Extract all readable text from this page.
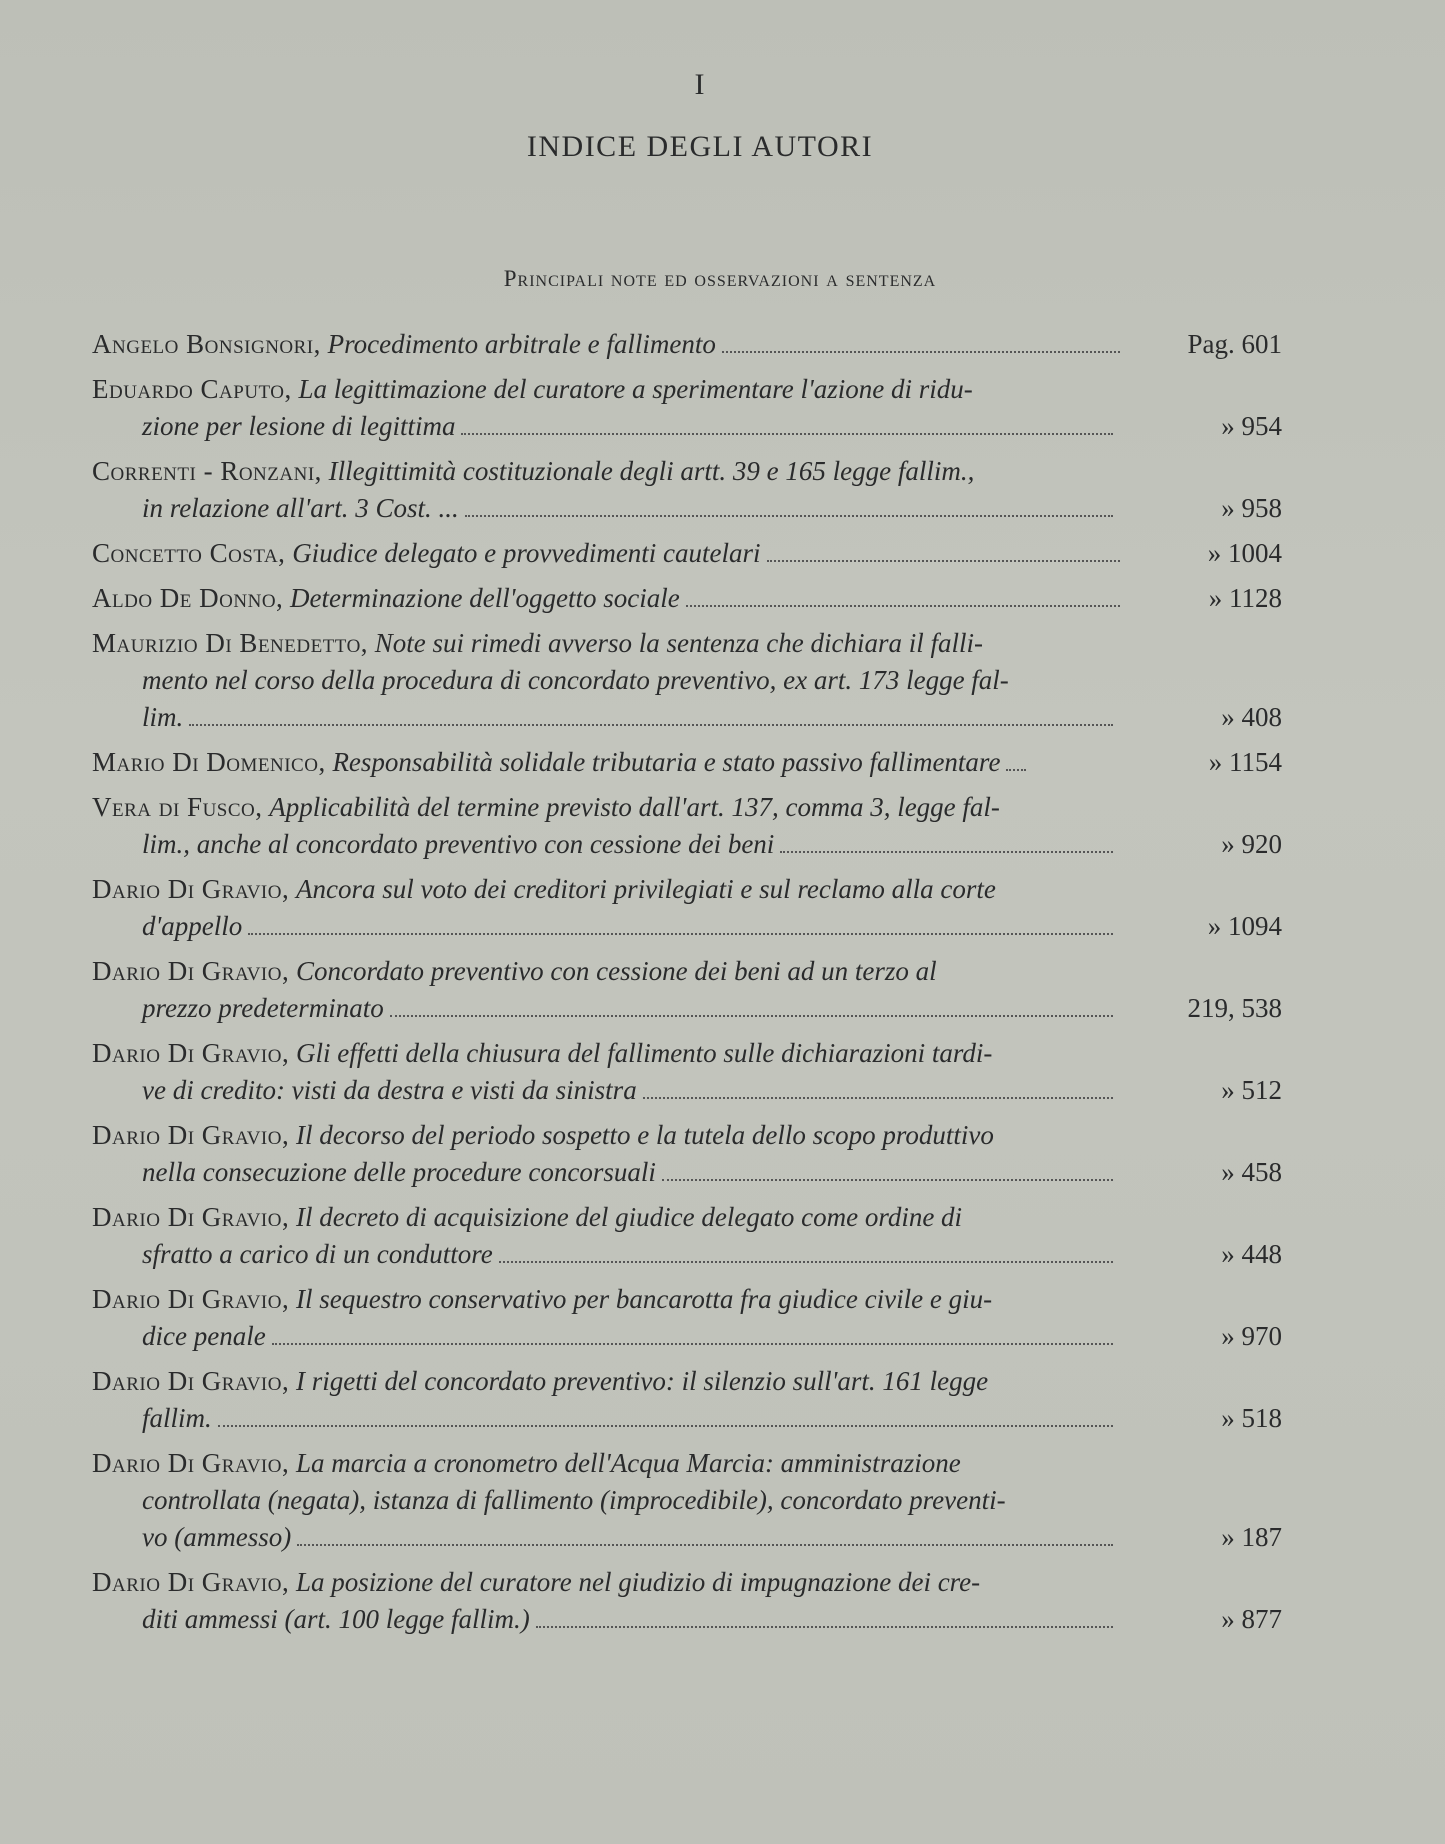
I
INDICE DEGLI AUTORI
Principali note ed osservazioni a sentenza
Angelo Bonsignori, Procedimento arbitrale e fallimento	Pag. 601
Eduardo Caputo, La legittimazione del curatore a sperimentare l'azione di ridu-
zione per lesione di legittima	» 954
Correnti - Ronzani, Illegittimità costituzionale degli artt. 39 e 165 legge fallim.,
in relazione all'art. 3 Cost. ...	» 958
Concetto Costa, Giudice delegato e provvedimenti cautelari	» 1004
Aldo De Donno, Determinazione dell'oggetto sociale	» 1128
Maurizio Di Benedetto, Note sui rimedi avverso la sentenza che dichiara il falli-
mento nel corso della procedura di concordato preventivo, ex art. 173 legge fal-
lim.	» 408
Mario Di Domenico, Responsabilità solidale tributaria e stato passivo fallimentare	» 1154
Vera di Fusco, Applicabilità del termine previsto dall'art. 137, comma 3, legge fal-
lim., anche al concordato preventivo con cessione dei beni	» 920
Dario Di Gravio, Ancora sul voto dei creditori privilegiati e sul reclamo alla corte
d'appello	» 1094
Dario Di Gravio, Concordato preventivo con cessione dei beni ad un terzo al
prezzo predeterminato	219, 538
Dario Di Gravio, Gli effetti della chiusura del fallimento sulle dichiarazioni tardi-
ve di credito: visti da destra e visti da sinistra	» 512
Dario Di Gravio, Il decorso del periodo sospetto e la tutela dello scopo produttivo
nella consecuzione delle procedure concorsuali	» 458
Dario Di Gravio, Il decreto di acquisizione del giudice delegato come ordine di
sfratto a carico di un conduttore	» 448
Dario Di Gravio, Il sequestro conservativo per bancarotta fra giudice civile e giu-
dice penale	» 970
Dario Di Gravio, I rigetti del concordato preventivo: il silenzio sull'art. 161 legge
fallim.	» 518
Dario Di Gravio, La marcia a cronometro dell'Acqua Marcia: amministrazione
controllata (negata), istanza di fallimento (improcedibile), concordato preventi-
vo (ammesso)	» 187
Dario Di Gravio, La posizione del curatore nel giudizio di impugnazione dei cre-
diti ammessi (art. 100 legge fallim.)	» 877
